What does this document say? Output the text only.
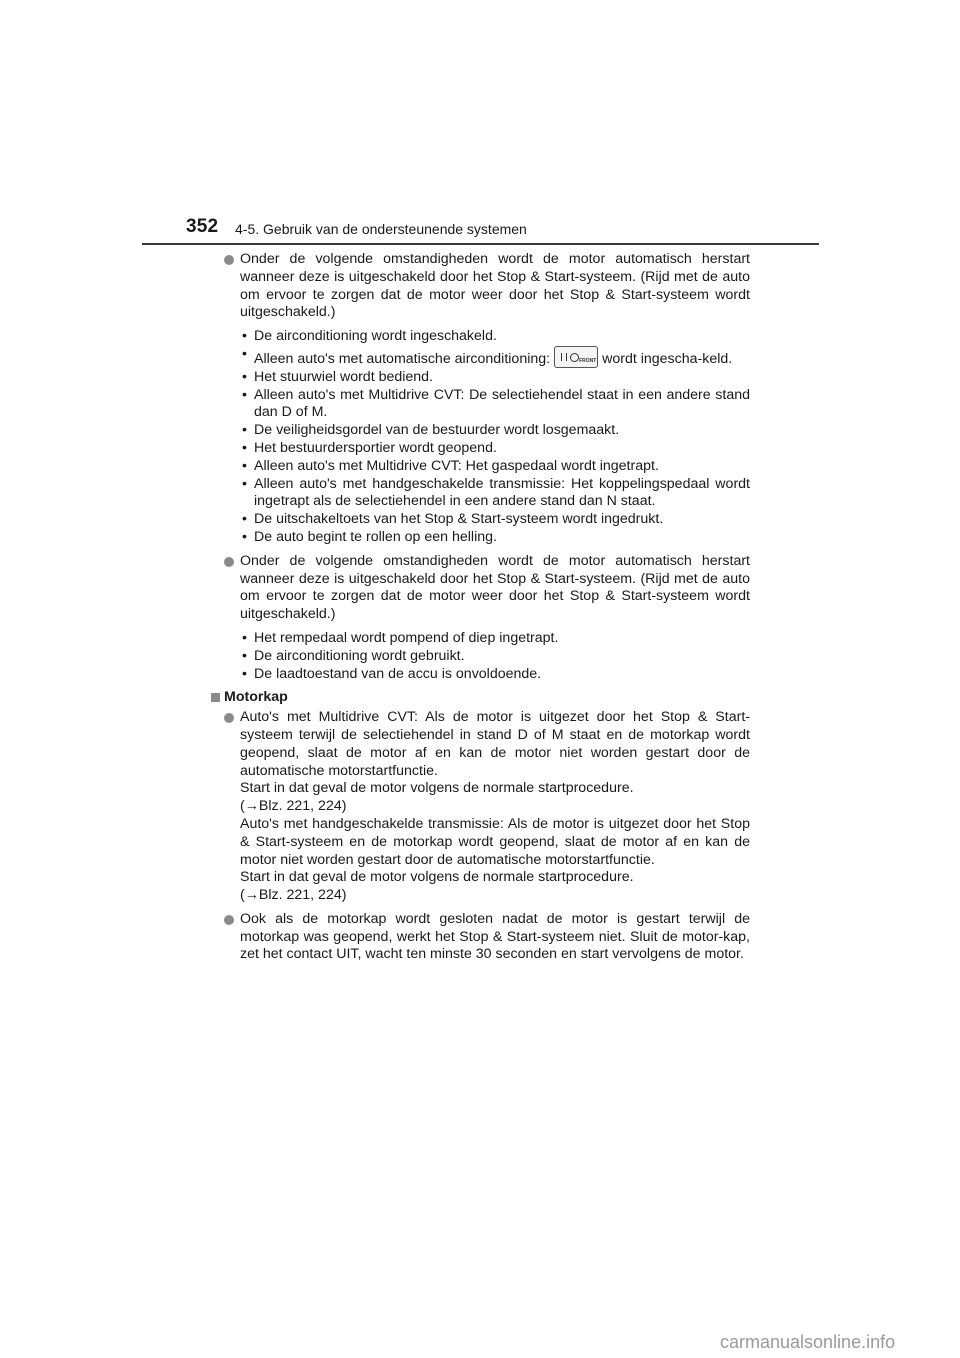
352 4-5. Gebruik van de ondersteunende systemen
Onder de volgende omstandigheden wordt de motor automatisch herstart wanneer deze is uitgeschakeld door het Stop & Start-systeem. (Rijd met de auto om ervoor te zorgen dat de motor weer door het Stop & Start-systeem wordt uitgeschakeld.)
• De airconditioning wordt ingeschakeld.
• Alleen auto's met automatische airconditioning:	FRONT wordt ingescha-keld.
• Het stuurwiel wordt bediend.
• Alleen auto's met Multidrive CVT: De selectiehendel staat in een andere stand dan D of M.
• De veiligheidsgordel van de bestuurder wordt losgemaakt.
• Het bestuurdersportier wordt geopend.
• Alleen auto's met Multidrive CVT: Het gaspedaal wordt ingetrapt.
• Alleen auto's met handgeschakelde transmissie: Het koppelingspedaal wordt ingetrapt als de selectiehendel in een andere stand dan N staat.
• De uitschakeltoets van het Stop & Start-systeem wordt ingedrukt.
• De auto begint te rollen op een helling.
Onder de volgende omstandigheden wordt de motor automatisch herstart wanneer deze is uitgeschakeld door het Stop & Start-systeem. (Rijd met de auto om ervoor te zorgen dat de motor weer door het Stop & Start-systeem wordt uitgeschakeld.)
• Het rempedaal wordt pompend of diep ingetrapt.
• De airconditioning wordt gebruikt.
• De laadtoestand van de accu is onvoldoende.
Motorkap
Auto's met Multidrive CVT: Als de motor is uitgezet door het Stop & Start-systeem terwijl de selectiehendel in stand D of M staat en de motorkap wordt geopend, slaat de motor af en kan de motor niet worden gestart door de automatische motorstartfunctie.
Start in dat geval de motor volgens de normale startprocedure.
(→Blz. 221, 224)
Auto's met handgeschakelde transmissie: Als de motor is uitgezet door het Stop & Start-systeem en de motorkap wordt geopend, slaat de motor af en kan de motor niet worden gestart door de automatische motorstartfunctie.
Start in dat geval de motor volgens de normale startprocedure.
(→Blz. 221, 224)
Ook als de motorkap wordt gesloten nadat de motor is gestart terwijl de motorkap was geopend, werkt het Stop & Start-systeem niet. Sluit de motor-kap, zet het contact UIT, wacht ten minste 30 seconden en start vervolgens de motor.
carmanualsonline.info
